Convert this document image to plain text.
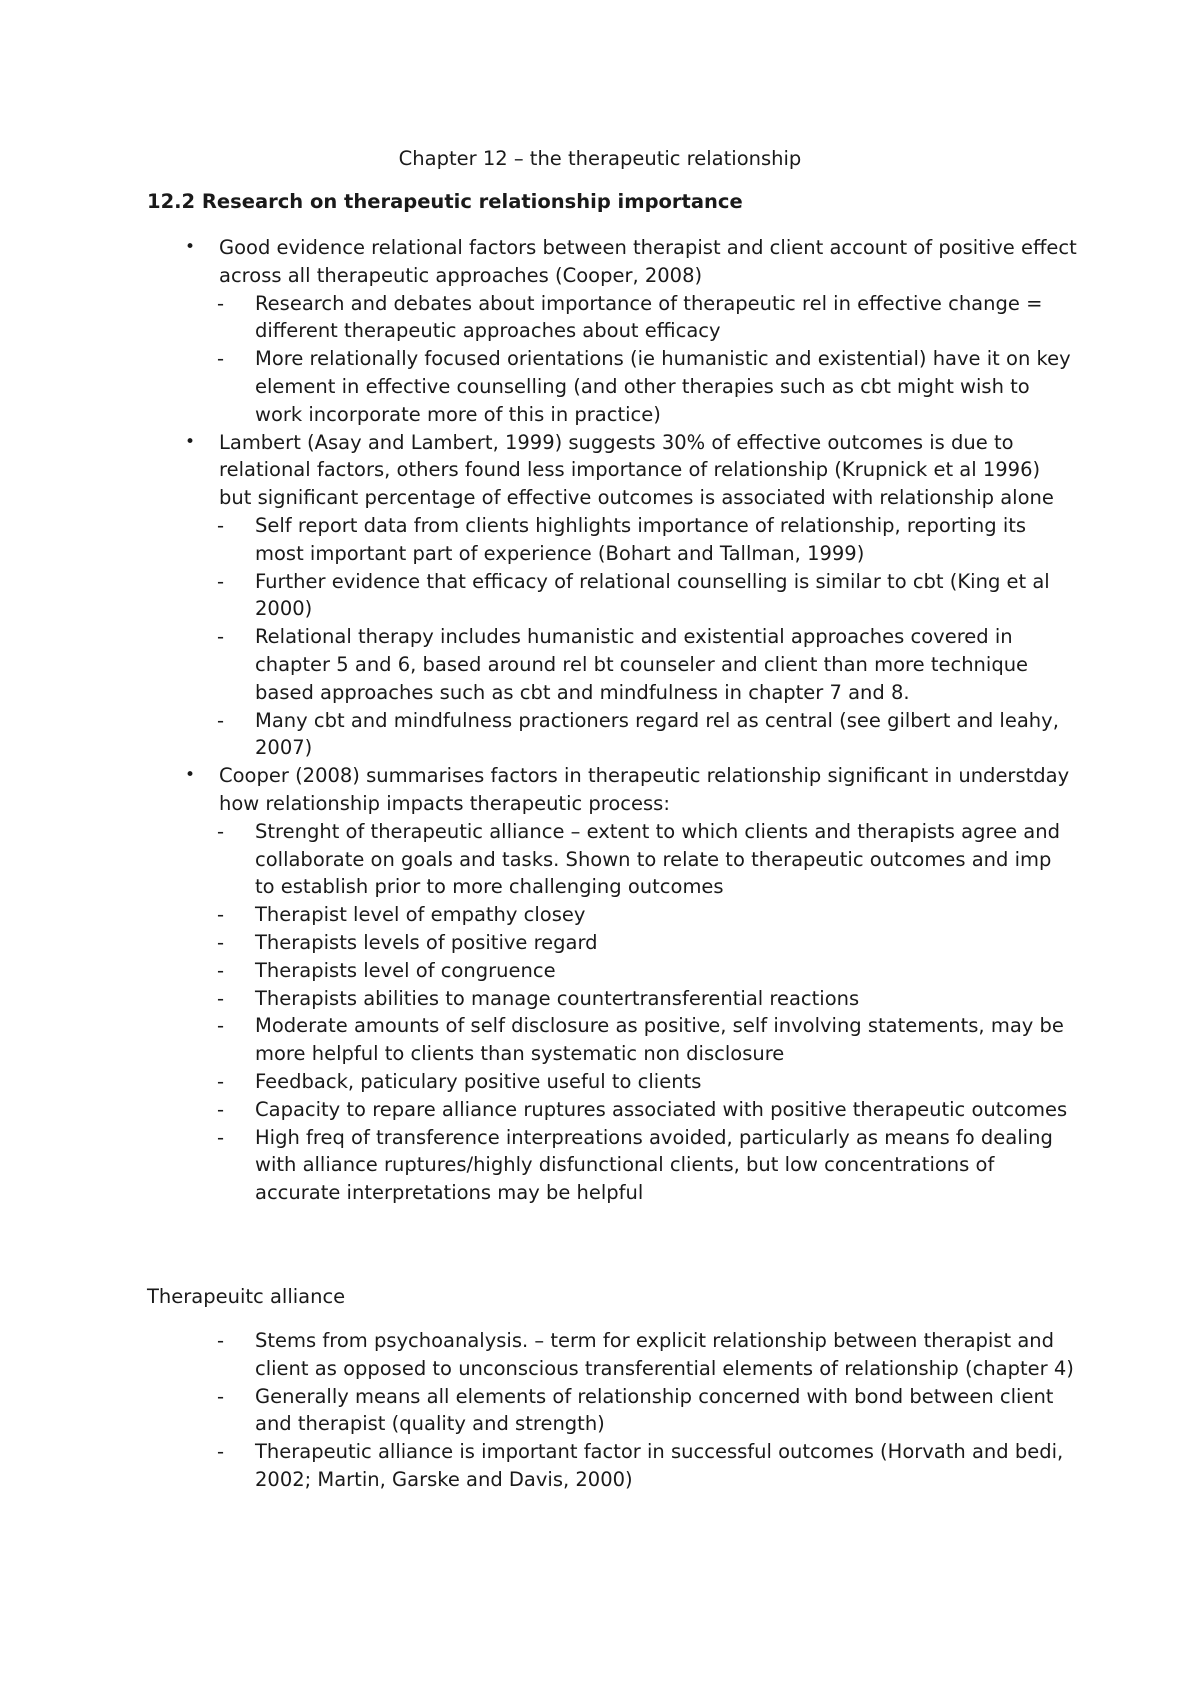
Chapter 12 – the therapeutic relationship
12.2 Research on therapeutic relationship importance
• Good evidence relational factors between therapist and client account of positive effect across all therapeutic approaches (Cooper, 2008)
- Research and debates about importance of therapeutic rel in effective change = different therapeutic approaches about efficacy
- More relationally focused orientations (ie humanistic and existential) have it on key element in effective counselling (and other therapies such as cbt might wish to work incorporate more of this in practice)
• Lambert (Asay and Lambert, 1999) suggests 30% of effective outcomes is due to relational factors, others found less importance of relationship (Krupnick et al 1996) but significant percentage of effective outcomes is associated with relationship alone
- Self report data from clients highlights importance of relationship, reporting its most important part of experience (Bohart and Tallman, 1999)
- Further evidence that efficacy of relational counselling is similar to cbt (King et al 2000)
- Relational therapy includes humanistic and existential approaches covered in chapter 5 and 6, based around rel bt counseler and client than more technique based approaches such as cbt and mindfulness in chapter 7 and 8.
- Many cbt and mindfulness practioners regard rel as central (see gilbert and leahy, 2007)
• Cooper (2008) summarises factors in therapeutic relationship significant in understday how relationship impacts therapeutic process:
- Strenght of therapeutic alliance – extent to which clients and therapists agree and collaborate on goals and tasks. Shown to relate to therapeutic outcomes and imp to establish prior to more challenging outcomes
- Therapist level of empathy closey
- Therapists levels of positive regard
- Therapists level of congruence
- Therapists abilities to manage countertransferential reactions
- Moderate amounts of self disclosure as positive, self involving statements, may be more helpful to clients than systematic non disclosure
- Feedback, paticulary positive useful to clients
- Capacity to repare alliance ruptures associated with positive therapeutic outcomes
- High freq of transference interpreations avoided, particularly as means fo dealing with alliance ruptures/highly disfunctional clients, but low concentrations of accurate interpretations may be helpful
Therapeuitc alliance
- Stems from psychoanalysis. – term for explicit relationship between therapist and client as opposed to unconscious transferential elements of relationship (chapter 4)
- Generally means all elements of relationship concerned with bond between client and therapist (quality and strength)
- Therapeutic alliance is important factor in successful outcomes (Horvath and bedi, 2002; Martin, Garske and Davis, 2000)
